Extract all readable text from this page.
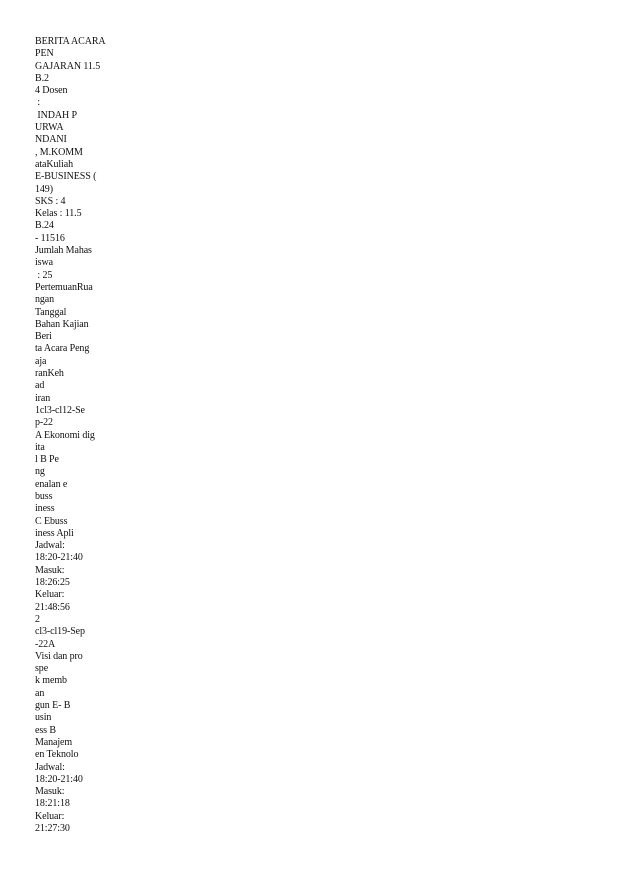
BERITA ACARA
PEN
GAJARAN 11.5
B.2
4 Dosen
:
INDAH P
URWA
NDANI
, M.KOMM
ataKuliah
E-BUSINESS (
149)
SKS : 4
Kelas : 11.5
B.24
- 11516
Jumlah Mahas
iswa
: 25
PertemuanRua
ngan
Tanggal
Bahan Kajian
Beri
ta Acara Peng
aja
ranKeh
ad
iran
1cl3-cl12-Se
p-22
A Ekonomi dig
ita
l B Pe
ng
enalan e
buss
iness
C Ebuss
iness Apli
Jadwal:
18:20-21:40
Masuk:
18:26:25
Keluar:
21:48:56
2
cl3-cl19-Sep
-22A
Visi dan pro
spe
k memb
an
gun E- B
usin
ess B
Manajem
en Teknolo
Jadwal:
18:20-21:40
Masuk:
18:21:18
Keluar:
21:27:30
